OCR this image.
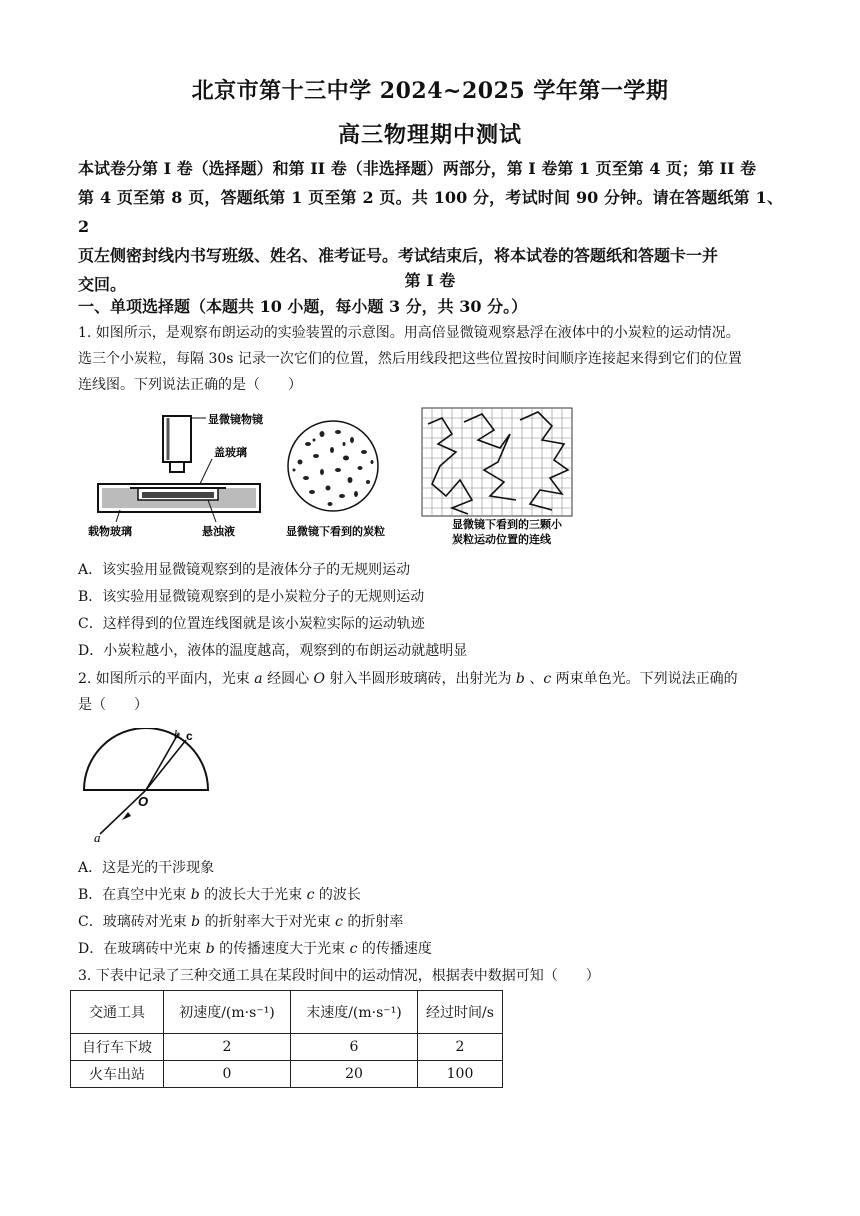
北京市第十三中学 2024~2025 学年第一学期
高三物理期中测试
本试卷分第 I 卷（选择题）和第 II 卷（非选择题）两部分，第 I 卷第 1 页至第 4 页；第 II 卷
第 4 页至第 8 页，答题纸第 1 页至第 2 页。共 100 分，考试时间 90 分钟。请在答题纸第 1、2
页左侧密封线内书写班级、姓名、准考证号。考试结束后，将本试卷的答题纸和答题卡一并
交回。	第 I 卷
一、单项选择题（本题共 10 小题，每小题 3 分，共 30 分。）
1. 如图所示，是观察布朗运动的实验装置的示意图。用高倍显微镜观察悬浮在液体中的小炭粒的运动情况。
选三个小炭粒，每隔 30s 记录一次它们的位置，然后用线段把这些位置按时间顺序连接起来得到它们的位置
连线图。下列说法正确的是（　　）
显微镜物镜
盖玻璃
载物玻璃	悬浊液	显微镜下看到的炭粒
显微镜下看到的三颗小
炭粒运动位置的连线
A．该实验用显微镜观察到的是液体分子的无规则运动
B．该实验用显微镜观察到的是小炭粒分子的无规则运动
C．这样得到的位置连线图就是该小炭粒实际的运动轨迹
D．小炭粒越小，液体的温度越高，观察到的布朗运动就越明显
2. 如图所示的平面内，光束 a 经圆心 O 射入半圆形玻璃砖，出射光为 b 、c 两束单色光。下列说法正确的
是（　　）
O
a
b c
A．这是光的干涉现象
B．在真空中光束 b 的波长大于光束 c 的波长
C．玻璃砖对光束 b 的折射率大于对光束 c 的折射率
D．在玻璃砖中光束 b 的传播速度大于光束 c 的传播速度
3. 下表中记录了三种交通工具在某段时间中的运动情况，根据表中数据可知（　　）
交通工具	初速度/(m·s⁻¹)	末速度/(m·s⁻¹)	经过时间/s
自行车下坡	2	6	2
火车出站	0	20	100
